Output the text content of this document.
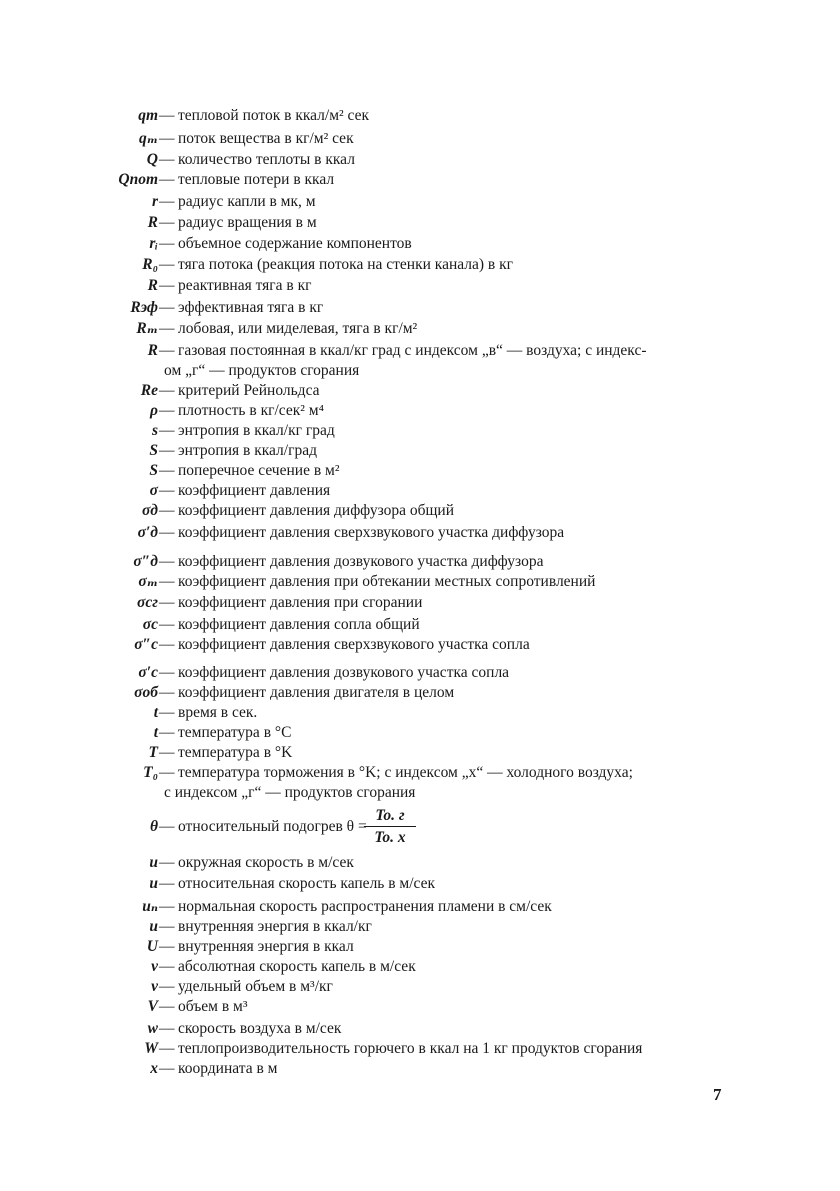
qт — тепловой поток в ккал/м² сек
qₘ — поток вещества в кг/м² сек
Q — количество теплоты в ккал
Qпот — тепловые потери в ккал
r — радиус капли в мк, м
R — радиус вращения в м
rᵢ — объемное содержание компонентов
R₀ — тяга потока (реакция потока на стенки канала) в кг
R — реактивная тяга в кг
Rэф — эффективная тяга в кг
Rₘ — лобовая, или миделевая, тяга в кг/м²
R — газовая постоянная в ккал/кг град с индексом „в“ — воздуха; с индекс-
ом „г“ — продуктов сгорания
Re — критерий Рейнольдса
ρ — плотность в кг/сек² м⁴
s — энтропия в ккал/кг град
S — энтропия в ккал/град
S — поперечное сечение в м²
σ — коэффициент давления
σд — коэффициент давления диффузора общий
σ′д — коэффициент давления сверхзвукового участка диффузора
σ″д — коэффициент давления дозвукового участка диффузора
σₘ — коэффициент давления при обтекании местных сопротивлений
σсг — коэффициент давления при сгорании
σс — коэффициент давления сопла общий
σ″с — коэффициент давления сверхзвукового участка сопла
σ′с — коэффициент давления дозвукового участка сопла
σоб — коэффициент давления двигателя в целом
t — время в сек.
t — температура в °C
T — температура в °K
T₀ — температура торможения в °K; с индексом „х“ — холодного воздуха;
с индексом „г“ — продуктов сгорания
θ — относительный подогрев θ =
To. г
To. х
u — окружная скорость в м/сек
u — относительная скорость капель в м/сек
uₙ — нормальная скорость распространения пламени в см/сек
u — внутренняя энергия в ккал/кг
U — внутренняя энергия в ккал
v — абсолютная скорость капель в м/сек
v — удельный объем в м³/кг
V — объем в м³
w — скорость воздуха в м/сек
W — теплопроизводительность горючего в ккал на 1 кг продуктов сгорания
x — координата в м
7
